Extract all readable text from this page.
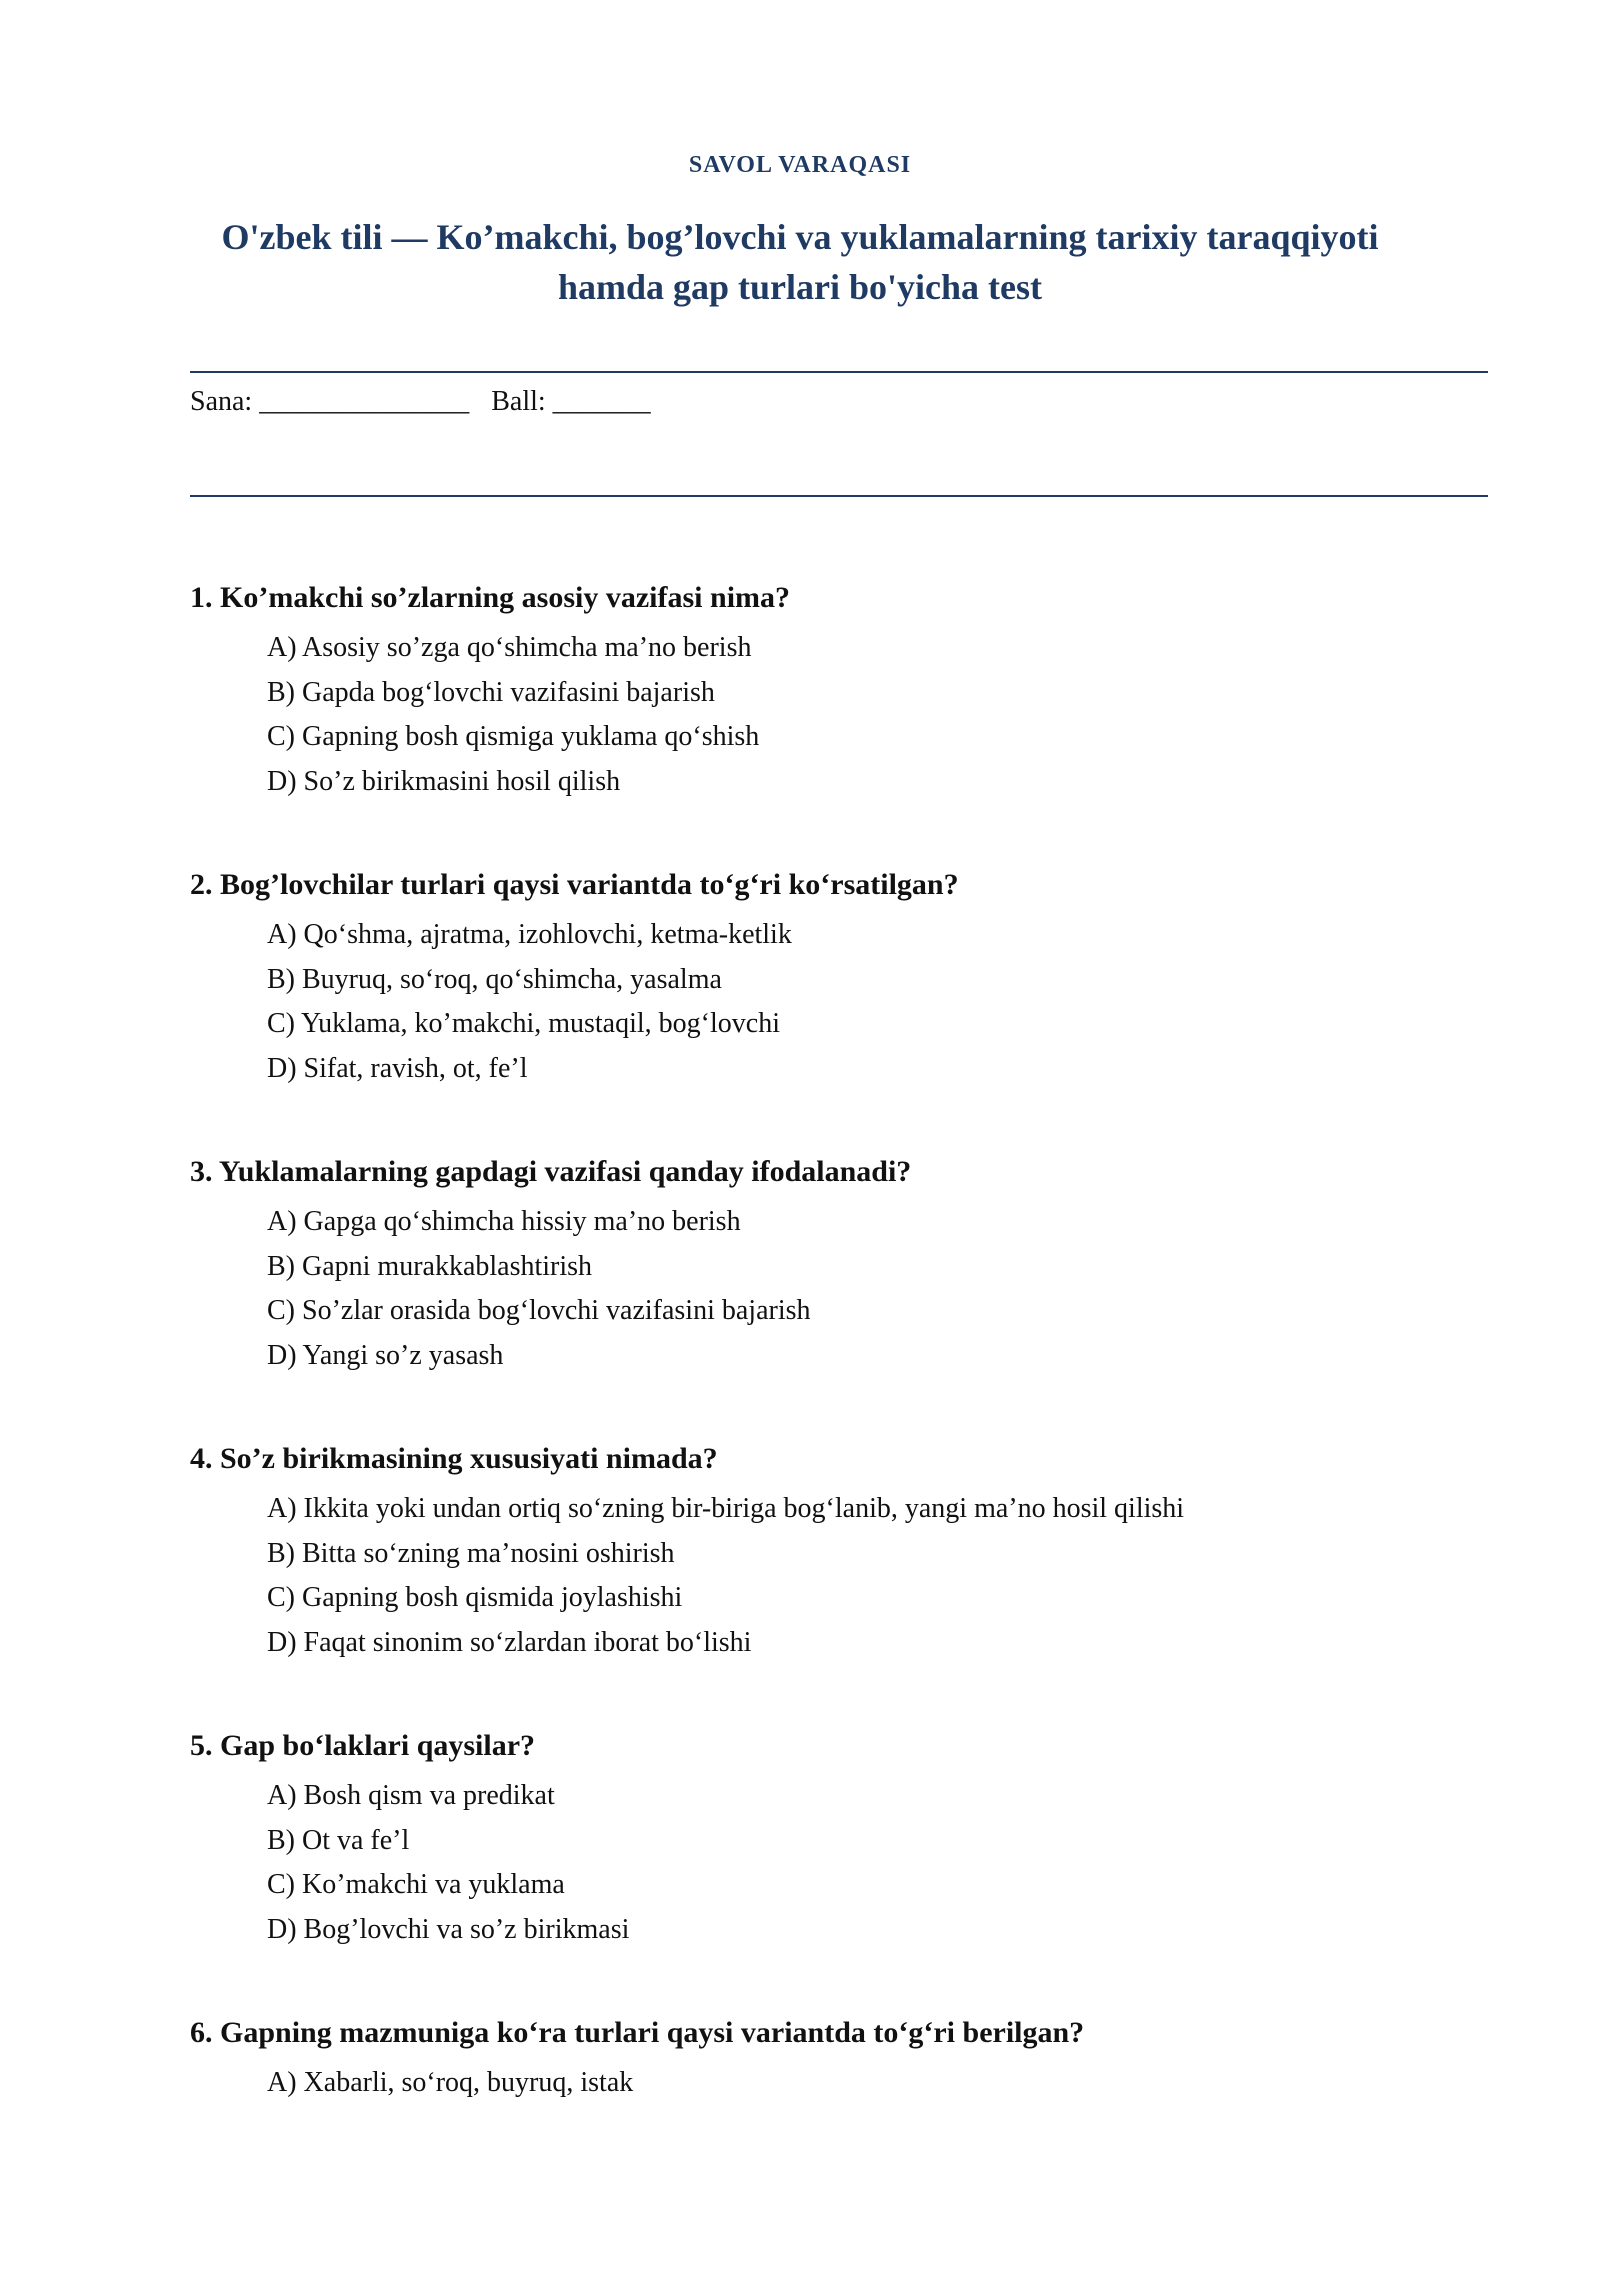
SAVOL VARAQASI
O'zbek tili — Ko’makchi, bog’lovchi va yuklamalarning tarixiy taraqqiyoti
hamda gap turlari bo'yicha test
Sana: _______________ Ball: _______
1. Ko’makchi so’zlarning asosiy vazifasi nima?
A) Asosiy so’zga qo‘shimcha ma’no berish
B) Gapda bog‘lovchi vazifasini bajarish
C) Gapning bosh qismiga yuklama qo‘shish
D) So’z birikmasini hosil qilish
2. Bog’lovchilar turlari qaysi variantda to‘g‘ri ko‘rsatilgan?
A) Qo‘shma, ajratma, izohlovchi, ketma-ketlik
B) Buyruq, so‘roq, qo‘shimcha, yasalma
C) Yuklama, ko’makchi, mustaqil, bog‘lovchi
D) Sifat, ravish, ot, fe’l
3. Yuklamalarning gapdagi vazifasi qanday ifodalanadi?
A) Gapga qo‘shimcha hissiy ma’no berish
B) Gapni murakkablashtirish
C) So’zlar orasida bog‘lovchi vazifasini bajarish
D) Yangi so’z yasash
4. So’z birikmasining xususiyati nimada?
A) Ikkita yoki undan ortiq so‘zning bir-biriga bog‘lanib, yangi ma’no hosil qilishi
B) Bitta so‘zning ma’nosini oshirish
C) Gapning bosh qismida joylashishi
D) Faqat sinonim so‘zlardan iborat bo‘lishi
5. Gap bo‘laklari qaysilar?
A) Bosh qism va predikat
B) Ot va fe’l
C) Ko’makchi va yuklama
D) Bog’lovchi va so’z birikmasi
6. Gapning mazmuniga ko‘ra turlari qaysi variantda to‘g‘ri berilgan?
A) Xabarli, so‘roq, buyruq, istak
